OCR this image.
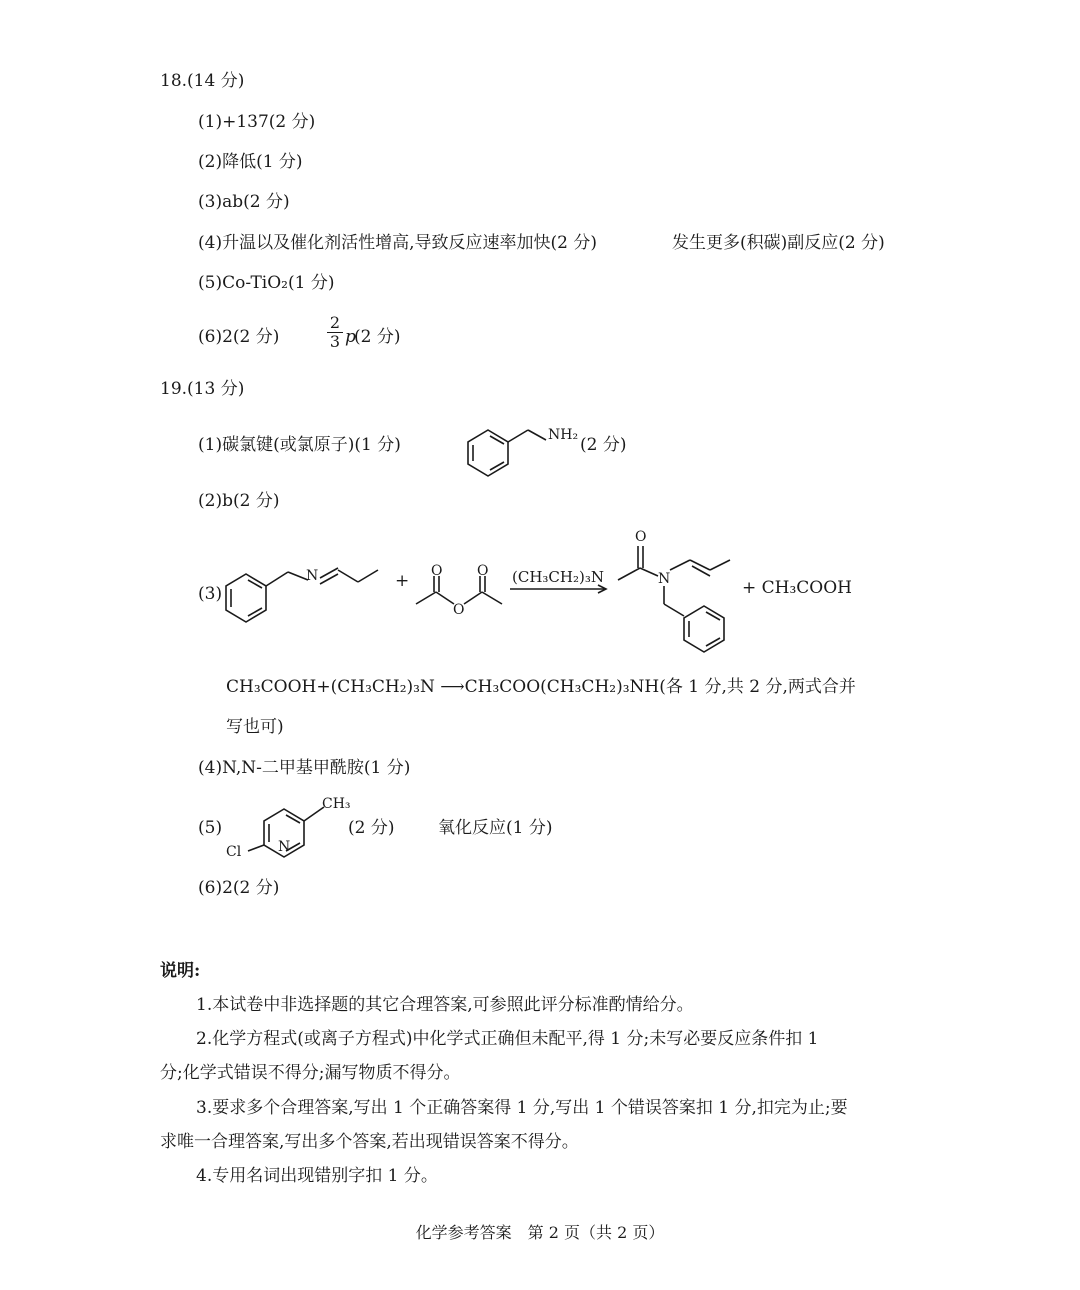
18.(14 分)
(1)+137(2 分)
(2)降低(1 分)
(3)ab(2 分)
(4)升温以及催化剂活性增高,导致反应速率加快(2 分)	发生更多(积碳)副反应(2 分)
(5)Co-TiO₂(1 分)
(6)2(2 分)	$\frac{2}{3}$ p
(2 分)
19.(13 分)
(1)碳氯键(或氯原子)(1 分)	NH₂ (2 分)
(2)b(2 分)
(3)
N	+ O
O
O (CH₃CH₂)₃N
O
N	+ CH₃COOH
CH₃COOH+(CH₃CH₂)₃N ⟶CH₃COO(CH₃CH₂)₃NH(各 1 分,共 2 分,两式合并
写也可)
(4)N,N-二甲基甲酰胺(1 分)
(5)
CH₃
Cl	N
(2 分)	氧化反应(1 分)
(6)2(2 分)
说明:
1.本试卷中非选择题的其它合理答案,可参照此评分标准酌情给分。
2.化学方程式(或离子方程式)中化学式正确但未配平,得 1 分;未写必要反应条件扣 1
分;化学式错误不得分;漏写物质不得分。
3.要求多个合理答案,写出 1 个正确答案得 1 分,写出 1 个错误答案扣 1 分,扣完为止;要
求唯一合理答案,写出多个答案,若出现错误答案不得分。
4.专用名词出现错别字扣 1 分。
化学参考答案　第 2 页（共 2 页）
